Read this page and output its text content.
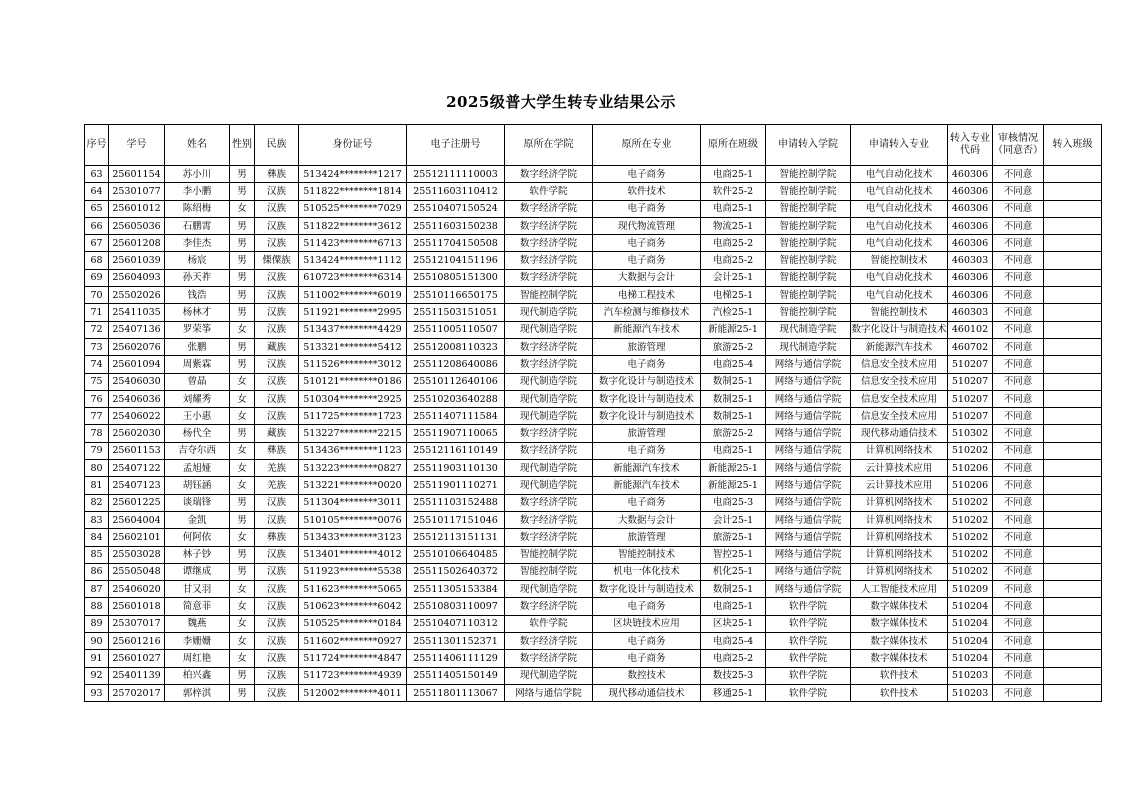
2025级普大学生转专业结果公示
序号	学号	姓名	性别	民族	身份证号	电子注册号	原所在学院	原所在专业	原所在班级	申请转入学院	申请转入专业	转入专业代码	审核情况（同意否）	转入班级
63	25601154	苏小川	男	彝族	513424********1217	25512111110003	数字经济学院	电子商务	电商25-1	智能控制学院	电气自动化技术	460306	不同意	
64	25301077	李小鹏	男	汉族	511822********1814	25511603110412	软件学院	软件技术	软件25-2	智能控制学院	电气自动化技术	460306	不同意	
65	25601012	陈绍梅	女	汉族	510525********7029	25510407150524	数字经济学院	电子商务	电商25-1	智能控制学院	电气自动化技术	460306	不同意	
66	25605036	石鹏霄	男	汉族	511822********3612	25511603150238	数字经济学院	现代物流管理	物流25-1	智能控制学院	电气自动化技术	460306	不同意	
67	25601208	李佳杰	男	汉族	511423********6713	25511704150508	数字经济学院	电子商务	电商25-2	智能控制学院	电气自动化技术	460306	不同意	
68	25601039	杨宸	男	傈僳族	513424********1112	25512104151196	数字经济学院	电子商务	电商25-2	智能控制学院	智能控制技术	460303	不同意	
69	25604093	孙天祚	男	汉族	610723********6314	25510805151300	数字经济学院	大数据与会计	会计25-1	智能控制学院	电气自动化技术	460306	不同意	
70	25502026	钱浩	男	汉族	511002********6019	25510116650175	智能控制学院	电梯工程技术	电梯25-1	智能控制学院	电气自动化技术	460306	不同意	
71	25411035	杨林才	男	汉族	511921********2995	25511503151051	现代制造学院	汽车检测与维修技术	汽检25-1	智能控制学院	智能控制技术	460303	不同意	
72	25407136	罗荣筝	女	汉族	513437********4429	25511005110507	现代制造学院	新能源汽车技术	新能源25-1	现代制造学院	数字化设计与制造技术	460102	不同意	
73	25602076	张鹏	男	藏族	513321********5412	25512008110323	数字经济学院	旅游管理	旅游25-2	现代制造学院	新能源汽车技术	460702	不同意	
74	25601094	周紫霖	男	汉族	511526********3012	25511208640086	数字经济学院	电子商务	电商25-4	网络与通信学院	信息安全技术应用	510207	不同意	
75	25406030	曾晶	女	汉族	510121********0186	25510112640106	现代制造学院	数字化设计与制造技术	数制25-1	网络与通信学院	信息安全技术应用	510207	不同意	
76	25406036	刘耀秀	女	汉族	510304********2925	25510203640288	现代制造学院	数字化设计与制造技术	数制25-1	网络与通信学院	信息安全技术应用	510207	不同意	
77	25406022	王小惠	女	汉族	511725********1723	25511407111584	现代制造学院	数字化设计与制造技术	数制25-1	网络与通信学院	信息安全技术应用	510207	不同意	
78	25602030	杨代全	男	藏族	513227********2215	25511907110065	数字经济学院	旅游管理	旅游25-2	网络与通信学院	现代移动通信技术	510302	不同意	
79	25601153	吉夺尔西	女	彝族	513436********1123	25512116110149	数字经济学院	电子商务	电商25-1	网络与通信学院	计算机网络技术	510202	不同意	
80	25407122	孟旭娅	女	羌族	513223********0827	25511903110130	现代制造学院	新能源汽车技术	新能源25-1	网络与通信学院	云计算技术应用	510206	不同意	
81	25407123	胡钰涵	女	羌族	513221********0020	25511901110271	现代制造学院	新能源汽车技术	新能源25-1	网络与通信学院	云计算技术应用	510206	不同意	
82	25601225	谈瑞锋	男	汉族	511304********3011	25511103152488	数字经济学院	电子商务	电商25-3	网络与通信学院	计算机网络技术	510202	不同意	
83	25604004	金凯	男	汉族	510105********0076	25510117151046	数字经济学院	大数据与会计	会计25-1	网络与通信学院	计算机网络技术	510202	不同意	
84	25602101	何阿依	女	彝族	513433********3123	25512113151131	数字经济学院	旅游管理	旅游25-1	网络与通信学院	计算机网络技术	510202	不同意	
85	25503028	林子钞	男	汉族	513401********4012	25510106640485	智能控制学院	智能控制技术	智控25-1	网络与通信学院	计算机网络技术	510202	不同意	
86	25505048	谭继成	男	汉族	511923********5538	25511502640372	智能控制学院	机电一体化技术	机化25-1	网络与通信学院	计算机网络技术	510202	不同意	
87	25406020	甘又羽	女	汉族	511623********5065	25511305153384	现代制造学院	数字化设计与制造技术	数制25-1	网络与通信学院	人工智能技术应用	510209	不同意	
88	25601018	简意菲	女	汉族	510623********6042	25510803110097	数字经济学院	电子商务	电商25-1	软件学院	数字媒体技术	510204	不同意	
89	25307017	魏燕	女	汉族	510525********0184	25510407110312	软件学院	区块链技术应用	区块25-1	软件学院	数字媒体技术	510204	不同意	
90	25601216	李姗姗	女	汉族	511602********0927	25511301152371	数字经济学院	电子商务	电商25-4	软件学院	数字媒体技术	510204	不同意	
91	25601027	周红艳	女	汉族	511724********4847	25511406111129	数字经济学院	电子商务	电商25-2	软件学院	数字媒体技术	510204	不同意	
92	25401139	柏兴鑫	男	汉族	511723********4939	25511405150149	现代制造学院	数控技术	数技25-3	软件学院	软件技术	510203	不同意	
93	25702017	郭梓淇	男	汉族	512002********4011	25511801113067	网络与通信学院	现代移动通信技术	移通25-1	软件学院	软件技术	510203	不同意	
